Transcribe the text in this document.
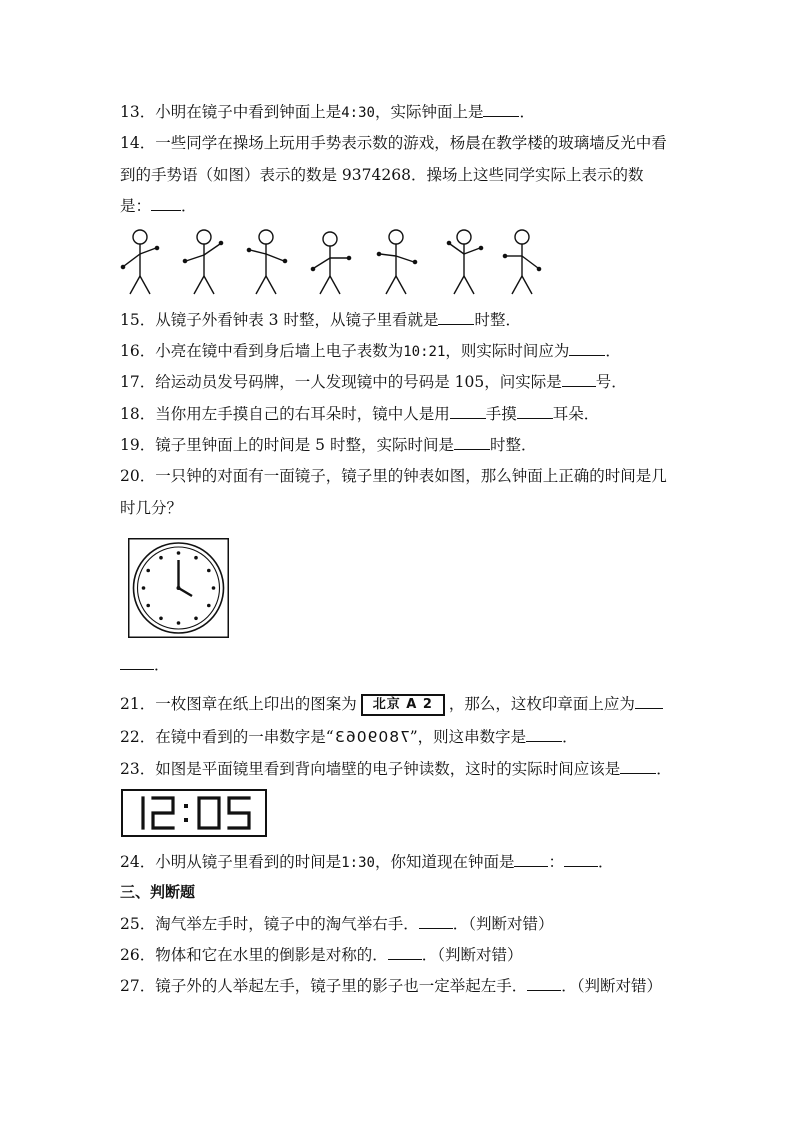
13．小明在镜子中看到钟面上是4:30，实际钟面上是 ．
14．一些同学在操场上玩用手势表示数的游戏，杨晨在教学楼的玻璃墙反光中看
到的手势语（如图）表示的数是 9374268．操场上这些同学实际上表示的数
是： ．
15．从镜子外看钟表 3 时整，从镜子里看就是 时整．
16．小亮在镜中看到身后墙上电子表数为10:21，则实际时间应为 ．
17．给运动员发号码牌，一人发现镜中的号码是 105，问实际是 号．
18．当你用左手摸自己的右耳朵时，镜中人是用 手摸 耳朵．
19．镜子里钟面上的时间是 5 时整，实际时间是 时整．
20．一只钟的对面有一面镜子，镜子里的钟表如图，那么钟面上正确的时间是几
时几分？
．
21．一枚图章在纸上印出的图案为 北京 A 2 ，那么，这枚印章面上应为
22．在镜中看到的一串数字是“7809063”，则这串数字是 ．
23．如图是平面镜里看到背向墙壁的电子钟读数，这时的实际时间应该是 ．
24．小明从镜子里看到的时间是1:30，你知道现在钟面是 ： ．
三、判断题
25．淘气举左手时，镜子中的淘气举右手． ．（判断对错）
26．物体和它在水里的倒影是对称的． ．（判断对错）
27．镜子外的人举起左手，镜子里的影子也一定举起左手． ．（判断对错）
